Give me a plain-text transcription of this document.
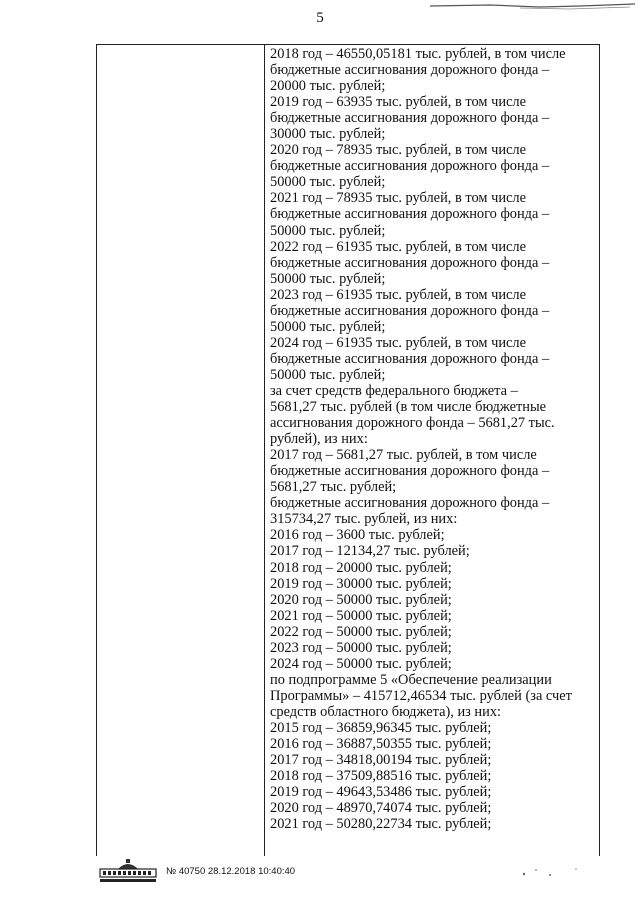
5
2018 год – 46550,05181 тыс. рублей, в том числе
бюджетные ассигнования дорожного фонда –
20000 тыс. рублей;
2019 год – 63935 тыс. рублей, в том числе
бюджетные ассигнования дорожного фонда –
30000 тыс. рублей;
2020 год – 78935 тыс. рублей, в том числе
бюджетные ассигнования дорожного фонда –
50000 тыс. рублей;
2021 год – 78935 тыс. рублей, в том числе
бюджетные ассигнования дорожного фонда –
50000 тыс. рублей;
2022 год – 61935 тыс. рублей, в том числе
бюджетные ассигнования дорожного фонда –
50000 тыс. рублей;
2023 год – 61935 тыс. рублей, в том числе
бюджетные ассигнования дорожного фонда –
50000 тыс. рублей;
2024 год – 61935 тыс. рублей, в том числе
бюджетные ассигнования дорожного фонда –
50000 тыс. рублей;
за счет средств федерального бюджета –
5681,27 тыс. рублей (в том числе бюджетные
ассигнования дорожного фонда – 5681,27 тыс.
рублей), из них:
2017 год – 5681,27 тыс. рублей, в том числе
бюджетные ассигнования дорожного фонда –
5681,27 тыс. рублей;
бюджетные ассигнования дорожного фонда –
315734,27 тыс. рублей, из них:
2016 год – 3600 тыс. рублей;
2017 год – 12134,27 тыс. рублей;
2018 год – 20000 тыс. рублей;
2019 год – 30000 тыс. рублей;
2020 год – 50000 тыс. рублей;
2021 год – 50000 тыс. рублей;
2022 год – 50000 тыс. рублей;
2023 год – 50000 тыс. рублей;
2024 год – 50000 тыс. рублей;
по подпрограмме 5 «Обеспечение реализации
Программы» – 415712,46534 тыс. рублей (за счет
средств областного бюджета), из них:
2015 год – 36859,96345 тыс. рублей;
2016 год – 36887,50355 тыс. рублей;
2017 год – 34818,00194 тыс. рублей;
2018 год – 37509,88516 тыс. рублей;
2019 год – 49643,53486 тыс. рублей;
2020 год – 48970,74074 тыс. рублей;
2021 год – 50280,22734 тыс. рублей;
№ 40750 28.12.2018 10:40:40
